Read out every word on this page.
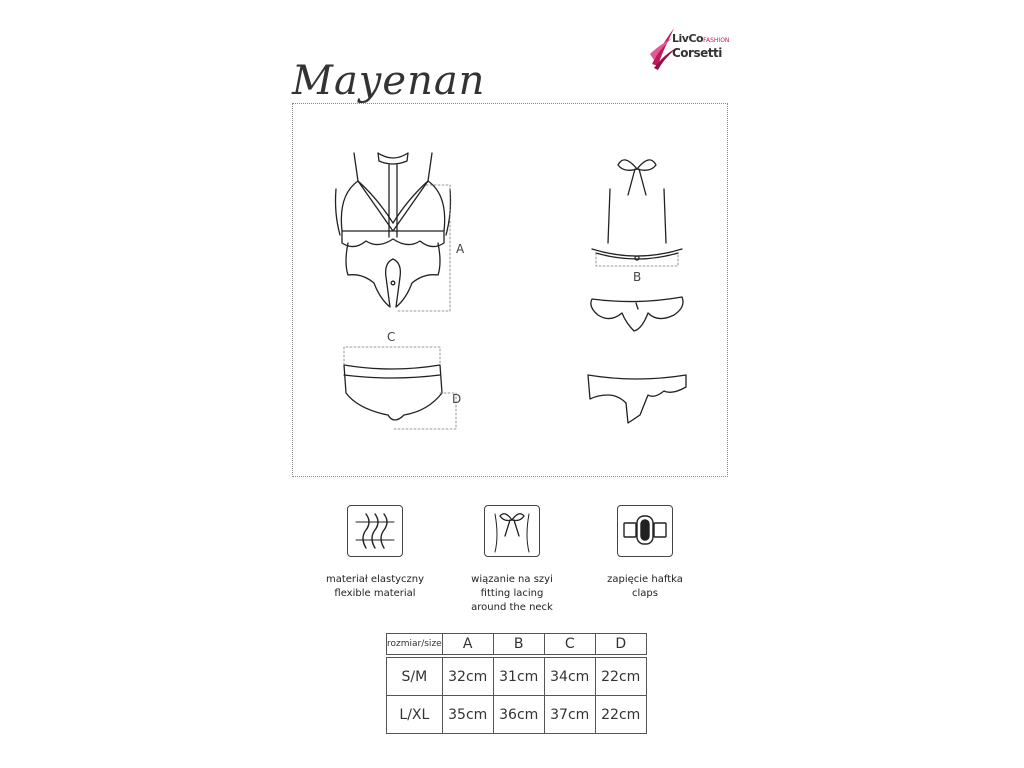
LivCoFASHION
Corsetti
Mayenan
A
B
C
D
materiał elastyczny
flexible material
wiązanie na szyi
fitting lacing
around the neck
zapięcie haftka
claps
rozmiar/size	A	B	C	D

S/M	32cm	31cm	34cm	22cm
L/XL	35cm	36cm	37cm	22cm
